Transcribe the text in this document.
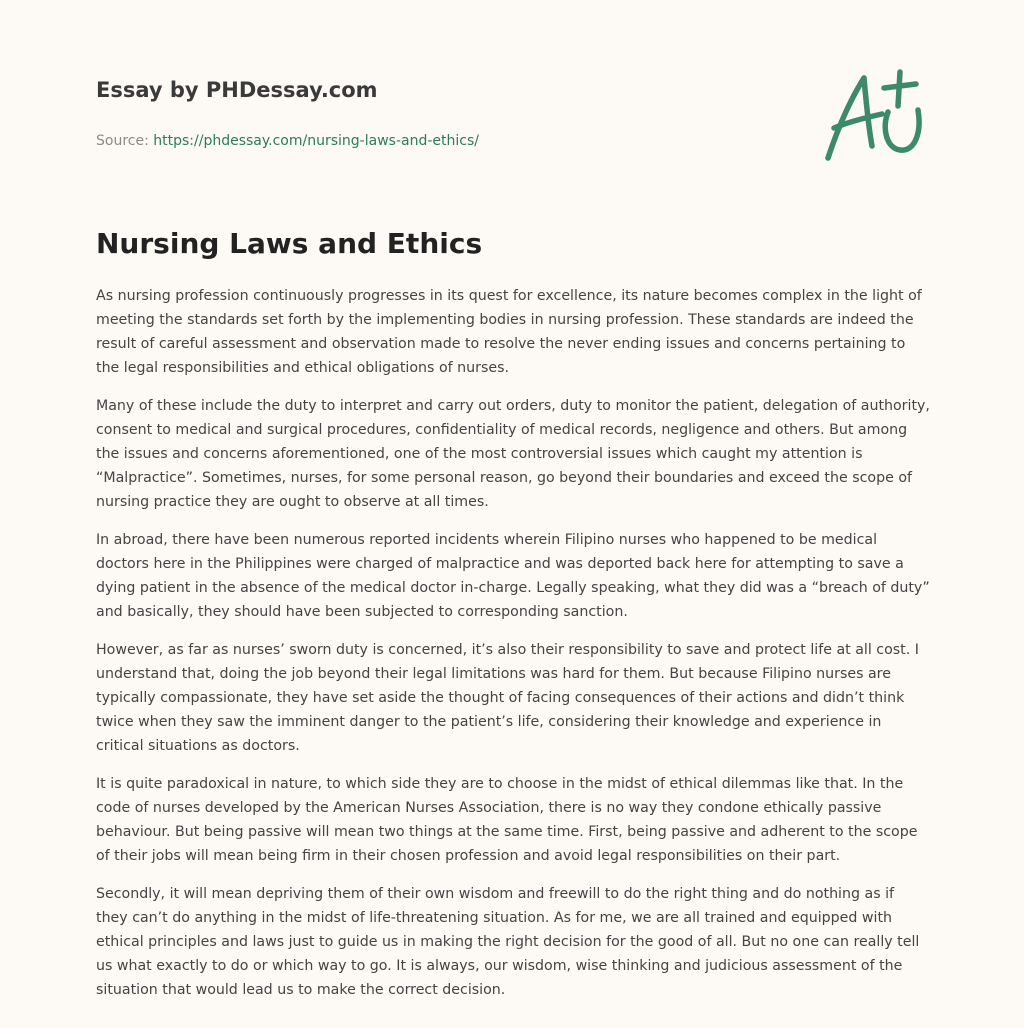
Essay by PHDessay.com
Source: https://phdessay.com/nursing-laws-and-ethics/
Nursing Laws and Ethics

As nursing profession continuously progresses in its quest for excellence, its nature becomes complex in the light of meeting the standards set forth by the implementing bodies in nursing profession. These standards are indeed the result of careful assessment and observation made to resolve the never ending issues and concerns pertaining to the legal responsibilities and ethical obligations of nurses.

Many of these include the duty to interpret and carry out orders, duty to monitor the patient, delegation of authority, consent to medical and surgical procedures, confidentiality of medical records, negligence and others. But among the issues and concerns aforementioned, one of the most controversial issues which caught my attention is “Malpractice”. Sometimes, nurses, for some personal reason, go beyond their boundaries and exceed the scope of nursing practice they are ought to observe at all times.

In abroad, there have been numerous reported incidents wherein Filipino nurses who happened to be medical doctors here in the Philippines were charged of malpractice and was deported back here for attempting to save a dying patient in the absence of the medical doctor in-charge. Legally speaking, what they did was a “breach of duty” and basically, they should have been subjected to corresponding sanction.

However, as far as nurses’ sworn duty is concerned, it’s also their responsibility to save and protect life at all cost. I understand that, doing the job beyond their legal limitations was hard for them. But because Filipino nurses are typically compassionate, they have set aside the thought of facing consequences of their actions and didn’t think twice when they saw the imminent danger to the patient’s life, considering their knowledge and experience in critical situations as doctors.

It is quite paradoxical in nature, to which side they are to choose in the midst of ethical dilemmas like that. In the code of nurses developed by the American Nurses Association, there is no way they condone ethically passive behaviour. But being passive will mean two things at the same time. First, being passive and adherent to the scope of their jobs will mean being firm in their chosen profession and avoid legal responsibilities on their part.

Secondly, it will mean depriving them of their own wisdom and freewill to do the right thing and do nothing as if they can’t do anything in the midst of life-threatening situation. As for me, we are all trained and equipped with ethical principles and laws just to guide us in making the right decision for the good of all. But no one can really tell us what exactly to do or which way to go. It is always, our wisdom, wise thinking and judicious assessment of the situation that would lead us to make the correct decision.
